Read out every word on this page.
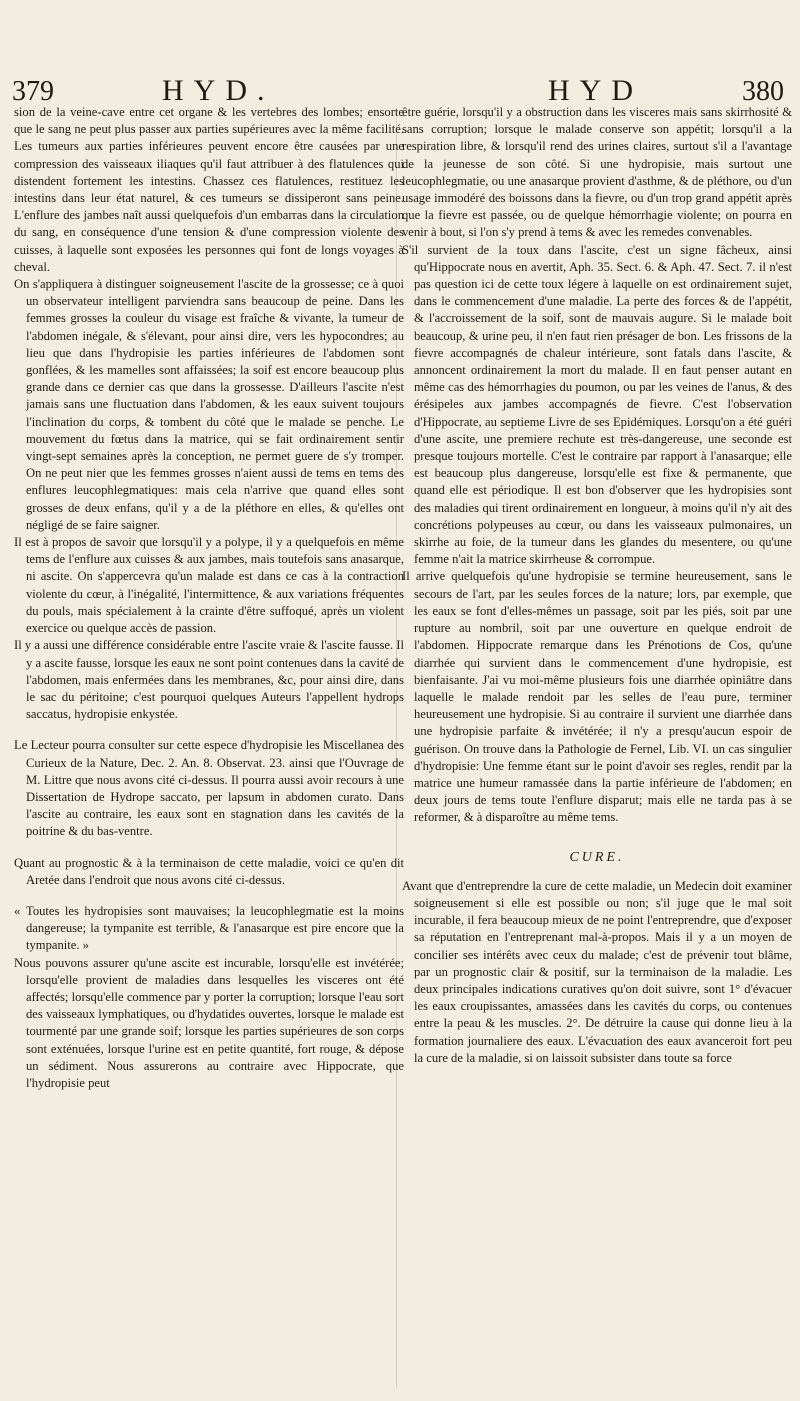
379	HYD.	HYD	380

sion de la veine-cave entre cet organe & les vertebres des lombes; ensorte que le sang ne peut plus passer aux parties supérieures avec la même facilité. Les tumeurs aux parties inférieures peuvent encore être causées par une compression des vaisseaux iliaques qu'il faut attribuer à des flatulences qui distendent fortement les intestins. Chassez ces flatulences, restituez les intestins dans leur état naturel, & ces tumeurs se dissiperont sans peine. L'enflure des jambes naît aussi quelquefois d'un embarras dans la circulation du sang, en conséquence d'une tension & d'une compression violente des cuisses, à laquelle sont exposées les personnes qui font de longs voyages à cheval.

On s'appliquera à distinguer soigneusement l'ascite de la grossesse; ce à quoi un observateur intelligent parviendra sans beaucoup de peine. Dans les femmes grosses la couleur du visage est fraîche & vivante, la tumeur de l'abdomen inégale, & s'élevant, pour ainsi dire, vers les hypocondres; au lieu que dans l'hydropisie les parties inférieures de l'abdomen sont gonflées, & les mamelles sont affaissées; la soif est encore beaucoup plus grande dans ce dernier cas que dans la grossesse. D'ailleurs l'ascite n'est jamais sans une fluctuation dans l'abdomen, & les eaux suivent toujours l'inclination du corps, & tombent du côté que le malade se penche. Le mouvement du fœtus dans la matrice, qui se fait ordinairement sentir vingt-sept semaines après la conception, ne permet guere de s'y tromper. On ne peut nier que les femmes grosses n'aient aussi de tems en tems des enflures leucophlegmatiques: mais cela n'arrive que quand elles sont grosses de deux enfans, qu'il y a de la pléthore en elles, & qu'elles ont négligé de se faire saigner.

Il est à propos de savoir que lorsqu'il y a polype, il y a quelquefois en même tems de l'enflure aux cuisses & aux jambes, mais toutefois sans anasarque, ni ascite. On s'appercevra qu'un malade est dans ce cas à la contraction violente du cœur, à l'inégalité, l'intermittence, & aux variations fréquentes du pouls, mais spécialement à la crainte d'être suffoqué, après un violent exercice ou quelque accès de passion.

Il y a aussi une différence considérable entre l'ascite vraie & l'ascite fausse. Il y a ascite fausse, lorsque les eaux ne sont point contenues dans la cavité de l'abdomen, mais enfermées dans les membranes, &c, pour ainsi dire, dans le sac du péritoine; c'est pourquoi quelques Auteurs l'appellent hydrops saccatus, hydropisie enkystée.

Le Lecteur pourra consulter sur cette espece d'hydropisie les Miscellanea des Curieux de la Nature, Dec. 2. An. 8. Observat. 23. ainsi que l'Ouvrage de M. Littre que nous avons cité ci-dessus. Il pourra aussi avoir recours à une Dissertation de Hydrope saccato, per lapsum in abdomen curato. Dans l'ascite au contraire, les eaux sont en stagnation dans les cavités de la poitrine & du bas-ventre.

Quant au prognostic & à la terminaison de cette maladie, voici ce qu'en dit Aretée dans l'endroit que nous avons cité ci-dessus.

« Toutes les hydropisies sont mauvaises; la leucophlegmatie est la moins dangereuse; la tympanite est terrible, & l'anasarque est pire encore que la tympanite. »

Nous pouvons assurer qu'une ascite est incurable, lorsqu'elle est invétérée; lorsqu'elle provient de maladies dans lesquelles les visceres ont été affectés; lorsqu'elle commence par y porter la corruption; lorsque l'eau sort des vaisseaux lymphatiques, ou d'hydatides ouvertes, lorsque le malade est tourmenté par une grande soif; lorsque les parties supérieures de son corps sont exténuées, lorsque l'urine est en petite quantité, fort rouge, & dépose un sédiment. Nous assurerons au contraire avec Hippocrate, que l'hydropisie peut

être guérie, lorsqu'il y a obstruction dans les visceres mais sans skirrhosité & sans corruption; lorsque le malade conserve son appétit; lorsqu'il a la respiration libre, & lorsqu'il rend des urines claires, surtout s'il a l'avantage de la jeunesse de son côté. Si une hydropisie, mais surtout une leucophlegmatie, ou une anasarque provient d'asthme, & de pléthore, ou d'un usage immodéré des boissons dans la fievre, ou d'un trop grand appétit après que la fievre est passée, ou de quelque hémorrhagie violente; on pourra en venir à bout, si l'on s'y prend à tems & avec les remedes convenables.

S'il survient de la toux dans l'ascite, c'est un signe fâcheux, ainsi qu'Hippocrate nous en avertit, Aph. 35. Sect. 6. & Aph. 47. Sect. 7. il n'est pas question ici de cette toux légere à laquelle on est ordinairement sujet, dans le commencement d'une maladie. La perte des forces & de l'appétit, & l'accroissement de la soif, sont de mauvais augure. Si le malade boit beaucoup, & urine peu, il n'en faut rien présager de bon. Les frissons de la fievre accompagnés de chaleur intérieure, sont fatals dans l'ascite, & annoncent ordinairement la mort du malade. Il en faut penser autant en même cas des hémorrhagies du poumon, ou par les veines de l'anus, & des érésipeles aux jambes accompagnés de fievre. C'est l'observation d'Hippocrate, au septieme Livre de ses Epidémiques. Lorsqu'on a été guéri d'une ascite, une premiere rechute est très-dangereuse, une seconde est presque toujours mortelle. C'est le contraire par rapport à l'anasarque; elle est beaucoup plus dangereuse, lorsqu'elle est fixe & permanente, que quand elle est périodique. Il est bon d'observer que les hydropisies sont des maladies qui tirent ordinairement en longueur, à moins qu'il n'y ait des concrétions polypeuses au cœur, ou dans les vaisseaux pulmonaires, un skirrhe au foie, de la tumeur dans les glandes du mesentere, ou qu'une femme n'ait la matrice skirrheuse & corrompue.

Il arrive quelquefois qu'une hydropisie se termine heureusement, sans le secours de l'art, par les seules forces de la nature; lors, par exemple, que les eaux se font d'elles-mêmes un passage, soit par les piés, soit par une rupture au nombril, soit par une ouverture en quelque endroit de l'abdomen. Hippocrate remarque dans les Prénotions de Cos, qu'une diarrhée qui survient dans le commencement d'une hydropisie, est bienfaisante. J'ai vu moi-même plusieurs fois une diarrhée opiniâtre dans laquelle le malade rendoit par les selles de l'eau pure, terminer heureusement une hydropisie. Si au contraire il survient une diarrhée dans une hydropisie parfaite & invétérée; il n'y a presqu'aucun espoir de guérison. On trouve dans la Pathologie de Fernel, Lib. VI. un cas singulier d'hydropisie: Une femme étant sur le point d'avoir ses regles, rendit par la matrice une humeur ramassée dans la partie inférieure de l'abdomen; en deux jours de tems toute l'enflure disparut; mais elle ne tarda pas à se reformer, & à disparoître au même tems.

CURE.

Avant que d'entreprendre la cure de cette maladie, un Medecin doit examiner soigneusement si elle est possible ou non; s'il juge que le mal soit incurable, il fera beaucoup mieux de ne point l'entreprendre, que d'exposer sa réputation en l'entreprenant mal-à-propos. Mais il y a un moyen de concilier ses intérêts avec ceux du malade; c'est de prévenir tout blâme, par un prognostic clair & positif, sur la terminaison de la maladie. Les deux principales indications curatives qu'on doit suivre, sont 1° d'évacuer les eaux croupissantes, amassées dans les cavités du corps, ou contenues entre la peau & les muscles. 2°. De détruire la cause qui donne lieu à la formation journaliere des eaux. L'évacuation des eaux avanceroit fort peu la cure de la maladie, si on laissoit subsister dans toute sa force
